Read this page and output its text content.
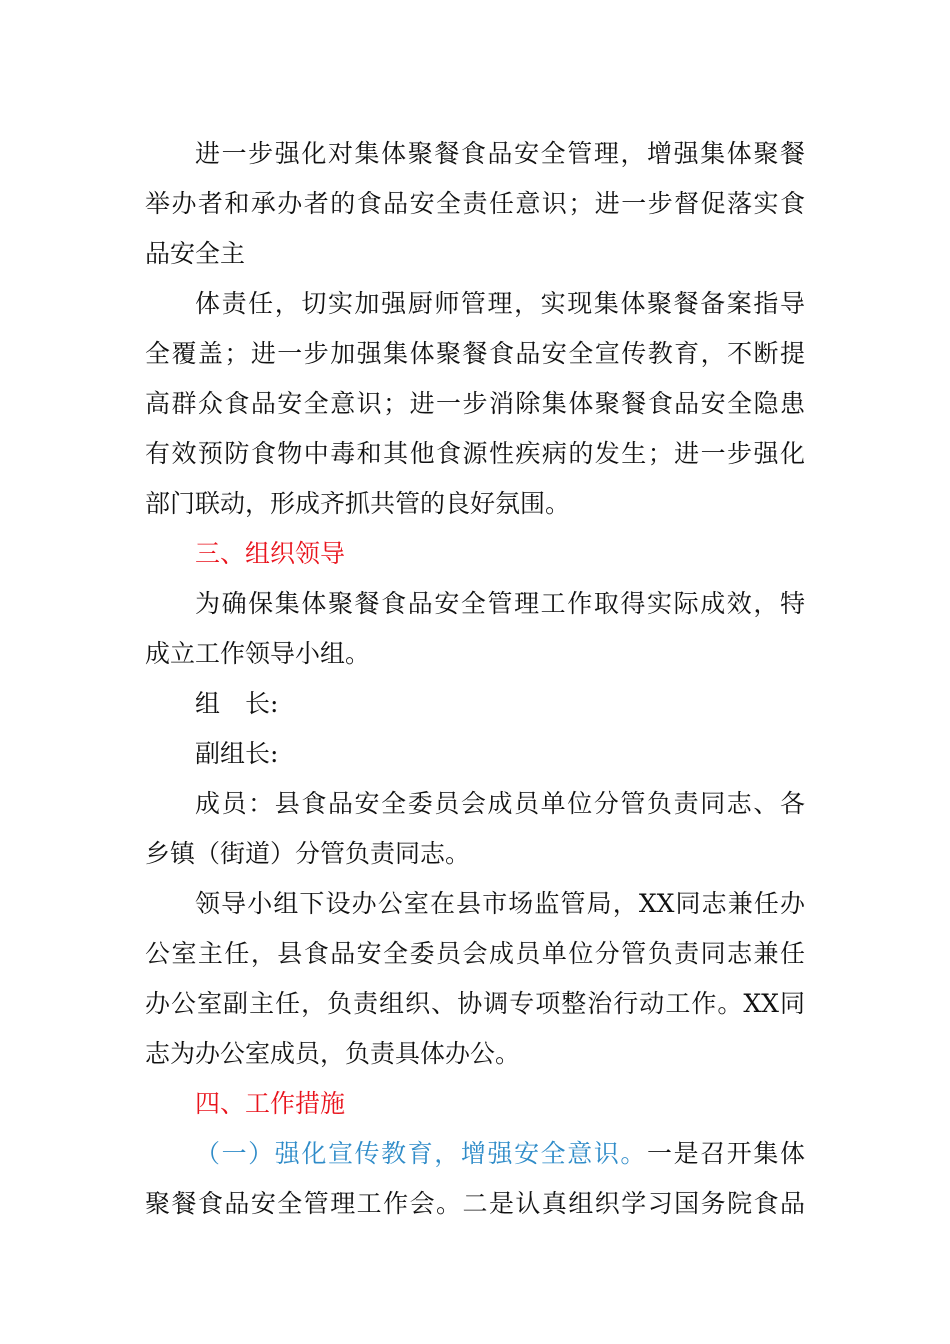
进一步强化对集体聚餐食品安全管理，增强集体聚餐
举办者和承办者的食品安全责任意识；进一步督促落实食
品安全主
体责任，切实加强厨师管理，实现集体聚餐备案指导
全覆盖；进一步加强集体聚餐食品安全宣传教育，不断提
高群众食品安全意识；进一步消除集体聚餐食品安全隐患
有效预防食物中毒和其他食源性疾病的发生；进一步强化
部门联动，形成齐抓共管的良好氛围。
三、组织领导
为确保集体聚餐食品安全管理工作取得实际成效，特
成立工作领导小组。
组　长:
副组长:
成员：县食品安全委员会成员单位分管负责同志、各
乡镇（街道）分管负责同志。
领导小组下设办公室在县市场监管局，XX同志兼任办
公室主任，县食品安全委员会成员单位分管负责同志兼任
办公室副主任，负责组织、协调专项整治行动工作。XX同
志为办公室成员，负责具体办公。
四、工作措施
（一）强化宣传教育，增强安全意识。一是召开集体
聚餐食品安全管理工作会。二是认真组织学习国务院食品
